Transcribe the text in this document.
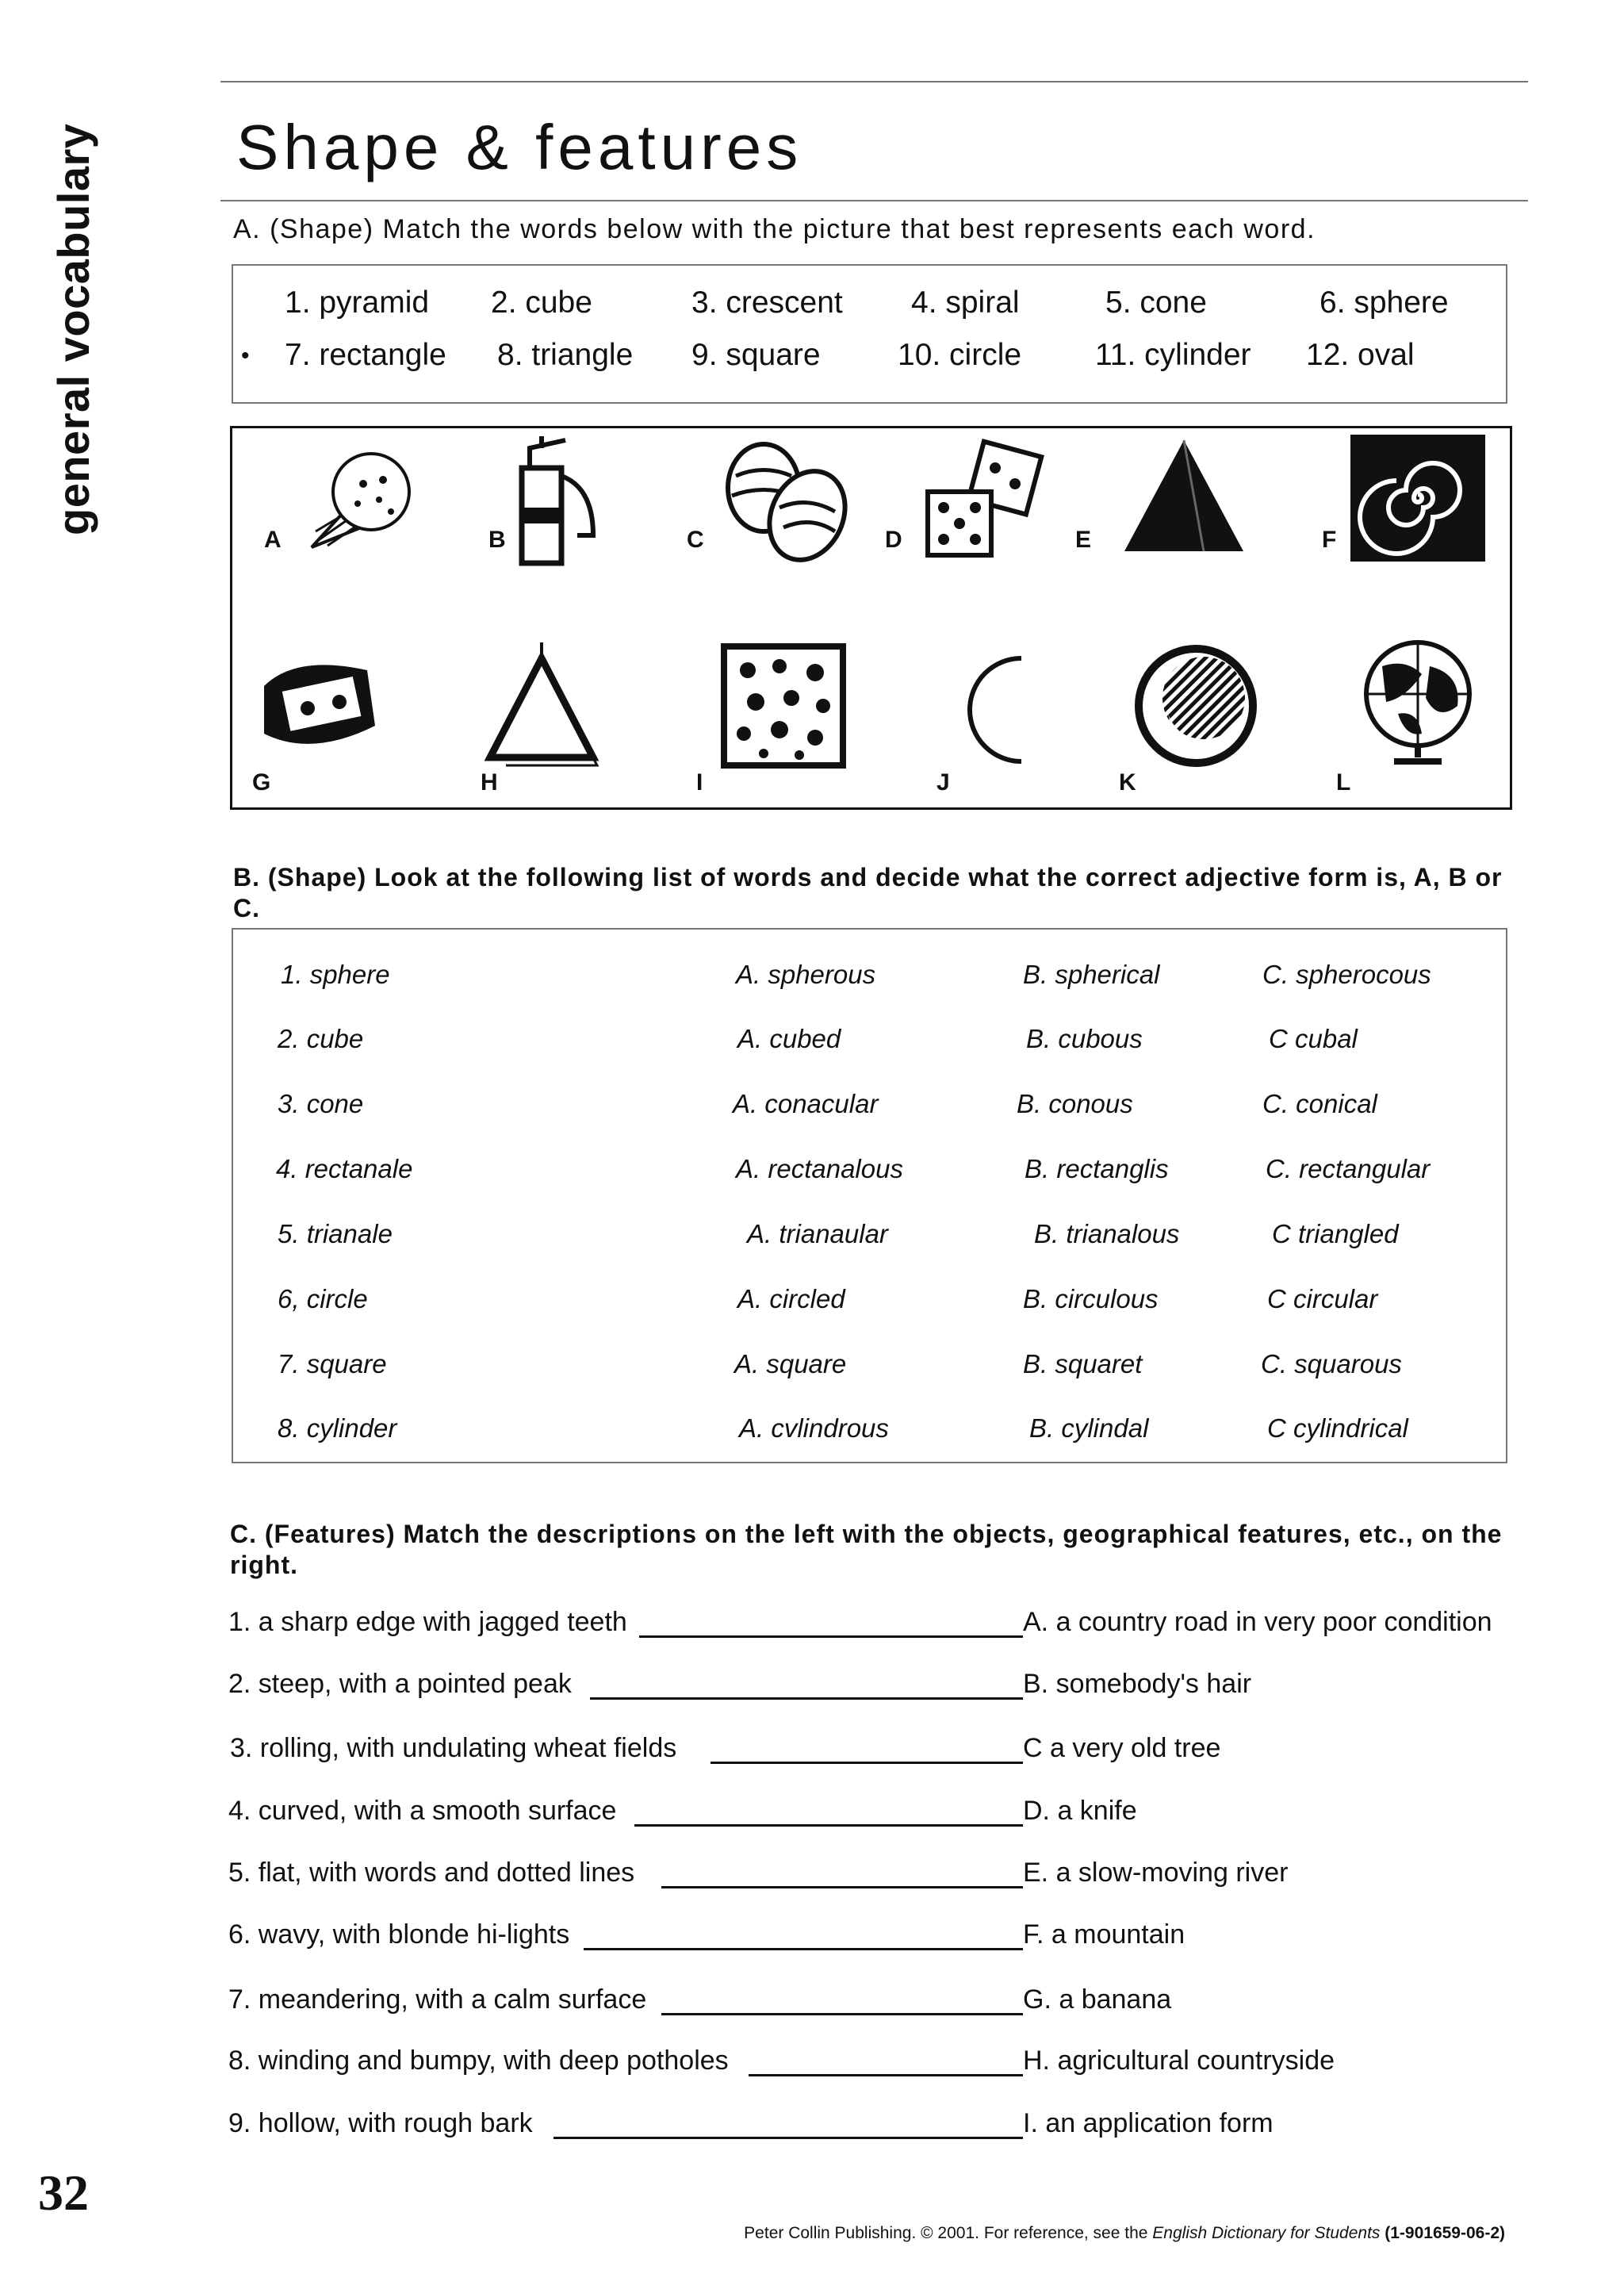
general vocabulary Shape & features
A. (Shape) Match the words below with the picture that best represents each word.
1. pyramid 2. cube	3. crescent 4. spiral	5. cone	6. sphere
• 7. rectangle 8. triangle 9. square 10. circle 11. cylinder 12. oval
A	B	C	D	E	F
G	H	I	J	K	L
B. (Shape) Look at the following list of words and decide what the correct adjective form is, A, B or C.
1. sphere	A. spherous	B. spherical	C. spherocous
2. cube	A. cubed	B. cubous	C cubal
3. cone	A. conacular	B. conous	C. conical
4. rectanale	A. rectanalous	B. rectanglis	C. rectangular
5. trianale	A. trianaular	B. trianalous	C triangled
6, circle	A. circled	B. circulous	C circular
7. square	A. square	B. squaret	C. squarous
8. cylinder	A. cvlindrous	B. cylindal	C cylindrical
C. (Features) Match the descriptions on the left with the objects, geographical features, etc., on the right.
1. a sharp edge with jagged teeth	A. a country road in very poor condition
2. steep, with a pointed peak	B. somebody's hair
3. rolling, with undulating wheat fields	C a very old tree
4. curved, with a smooth surface	D. a knife
5. flat, with words and dotted lines	E. a slow-moving river
6. wavy, with blonde hi-lights	F. a mountain
7. meandering, with a calm surface	G. a banana
8. winding and bumpy, with deep potholes	H. agricultural countryside
9. hollow, with rough bark	I. an application form
32
Peter Collin Publishing. © 2001. For reference, see the English Dictionary for Students (1-901659-06-2)
